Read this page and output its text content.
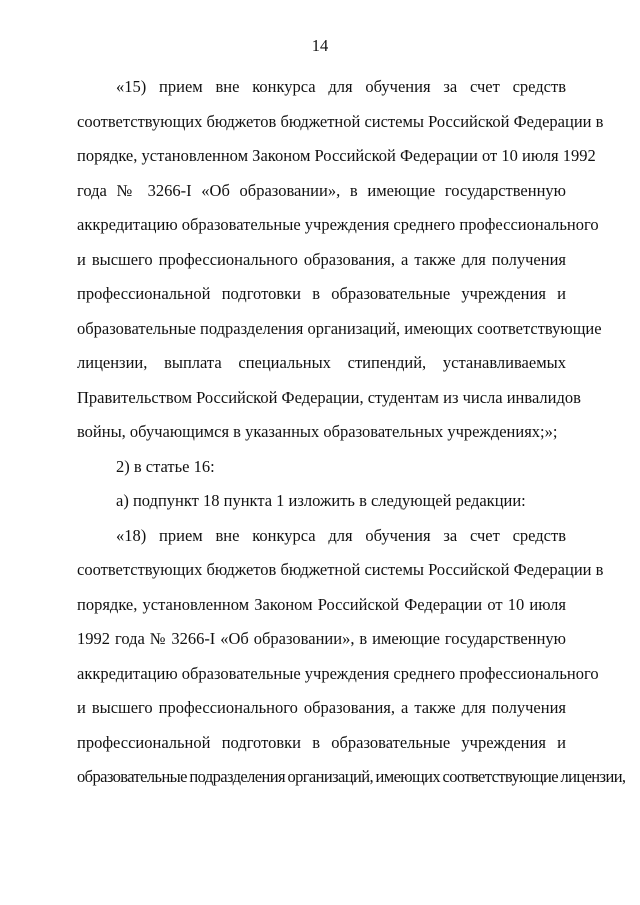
14
«15) прием вне конкурса для обучения за счет средств
соответствующих бюджетов бюджетной системы Российской Федерации в
порядке, установленном Законом Российской Федерации от 10 июля 1992
года № 3266-I «Об образовании», в имеющие государственную
аккредитацию образовательные учреждения среднего профессионального
и высшего профессионального образования, а также для получения
профессиональной подготовки в образовательные учреждения и
образовательные подразделения организаций, имеющих соответствующие
лицензии, выплата специальных стипендий, устанавливаемых
Правительством Российской Федерации, студентам из числа инвалидов
войны, обучающимся в указанных образовательных учреждениях;»;
2) в статье 16:
а) подпункт 18 пункта 1 изложить в следующей редакции:
«18) прием вне конкурса для обучения за счет средств
соответствующих бюджетов бюджетной системы Российской Федерации в
порядке, установленном Законом Российской Федерации от 10 июля
1992 года № 3266-I «Об образовании», в имеющие государственную
аккредитацию образовательные учреждения среднего профессионального
и высшего профессионального образования, а также для получения
профессиональной подготовки в образовательные учреждения и
образовательные подразделения организаций, имеющих соответствующие лицензии,
